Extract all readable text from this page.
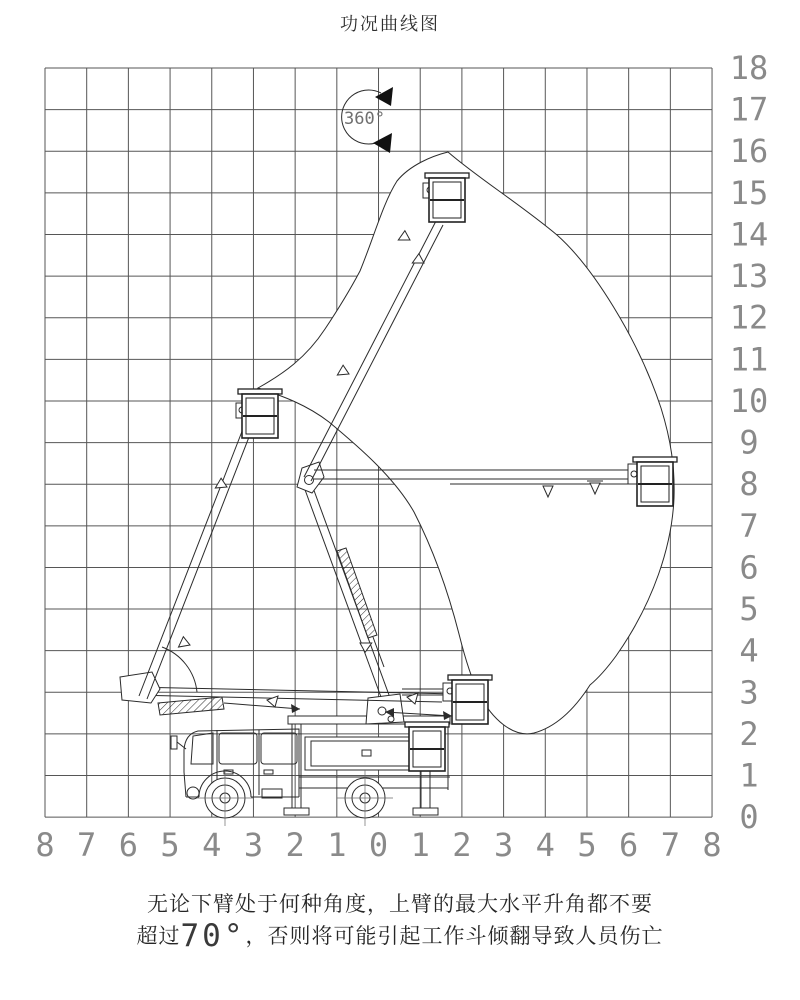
功况曲线图
8 7 6 5 4 3 2 1 0 1 2 3 4 5 6 7 8
18
17
16
15
14
13
12
11
10
9
8
7
6
5
4
3
2
1
0
360°
无论下臂处于何种角度，上臂的最大水平升角都不要
超过70°，否则将可能引起工作斗倾翻导致人员伤亡
